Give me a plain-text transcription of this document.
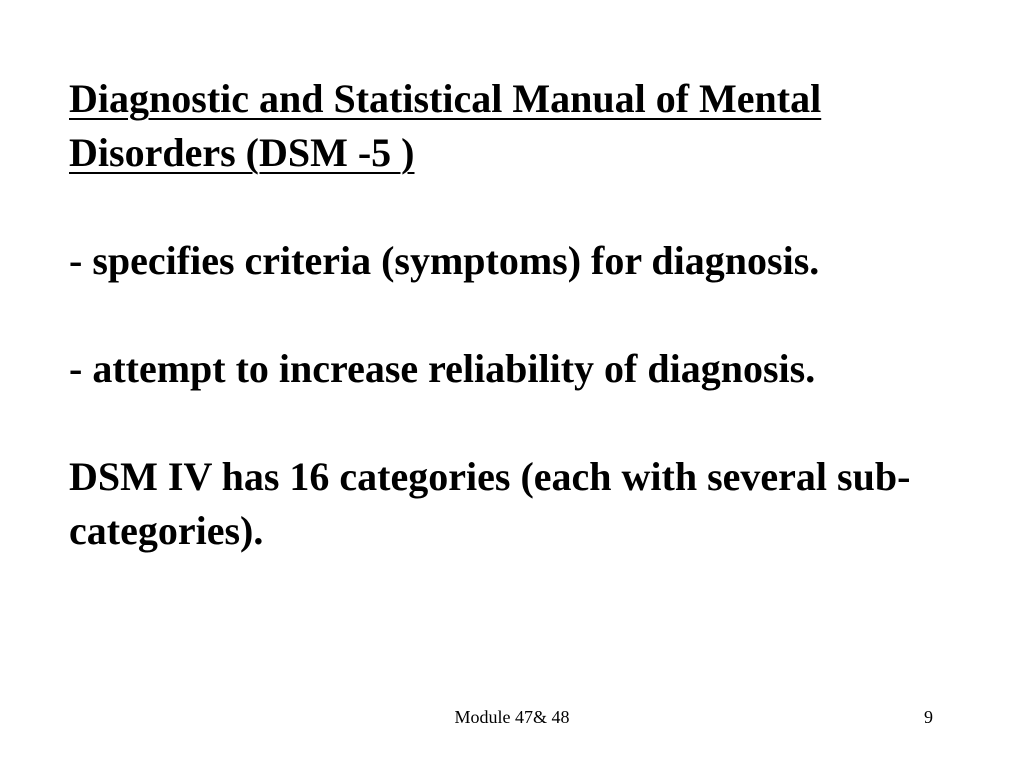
Diagnostic and Statistical Manual of Mental Disorders (DSM -5 )

- specifies criteria (symptoms) for diagnosis.

- attempt to increase reliability of diagnosis.

DSM IV has 16 categories (each with several sub-categories).

Module 47& 48	9
